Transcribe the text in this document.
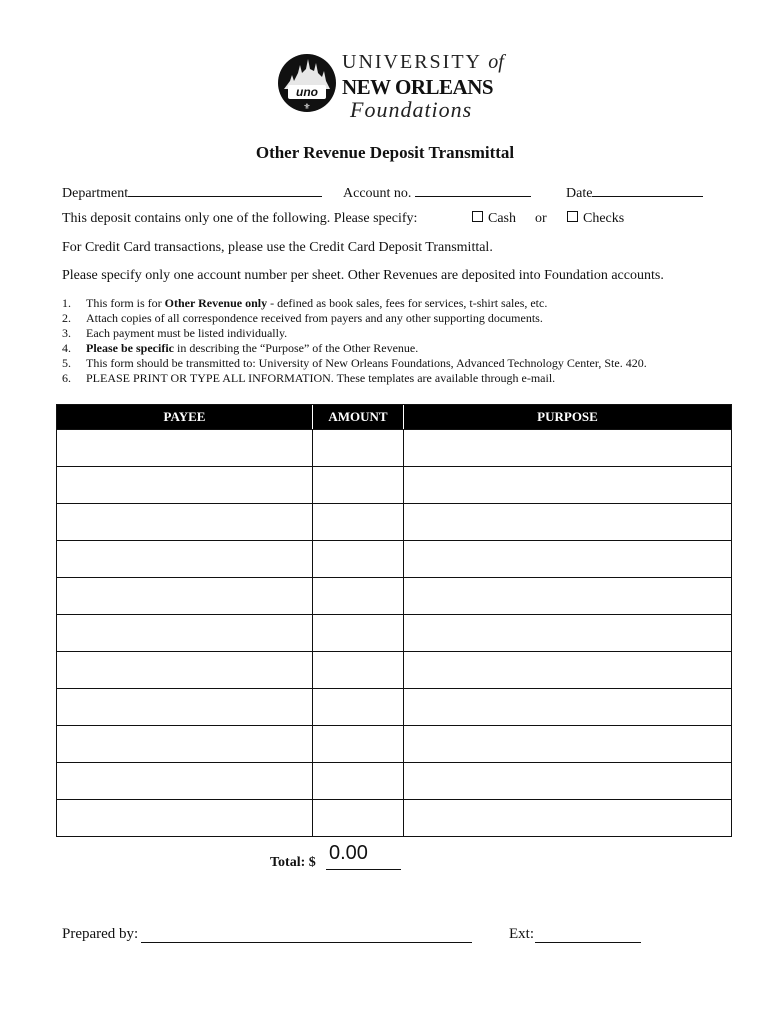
uno
⚜
UNIVERSITY of
NEW ORLEANS
Foundations
Other Revenue Deposit Transmittal
Department	Account no.	Date
This deposit contains only one of the following. Please specify:	Cash or	Checks
For Credit Card transactions, please use the Credit Card Deposit Transmittal.
Please specify only one account number per sheet. Other Revenues are deposited into Foundation accounts.
1. This form is for Other Revenue only - defined as book sales, fees for services, t-shirt sales, etc.
2. Attach copies of all correspondence received from payers and any other supporting documents.
3. Each payment must be listed individually.
4. Please be specific in describing the “Purpose” of the Other Revenue.
5. This form should be transmitted to: University of New Orleans Foundations, Advanced Technology Center, Ste. 420.
6. PLEASE PRINT OR TYPE ALL INFORMATION. These templates are available through e-mail.
PAYEE	AMOUNT	PURPOSE
Total: $ 0.00
Prepared by:	Ext:
